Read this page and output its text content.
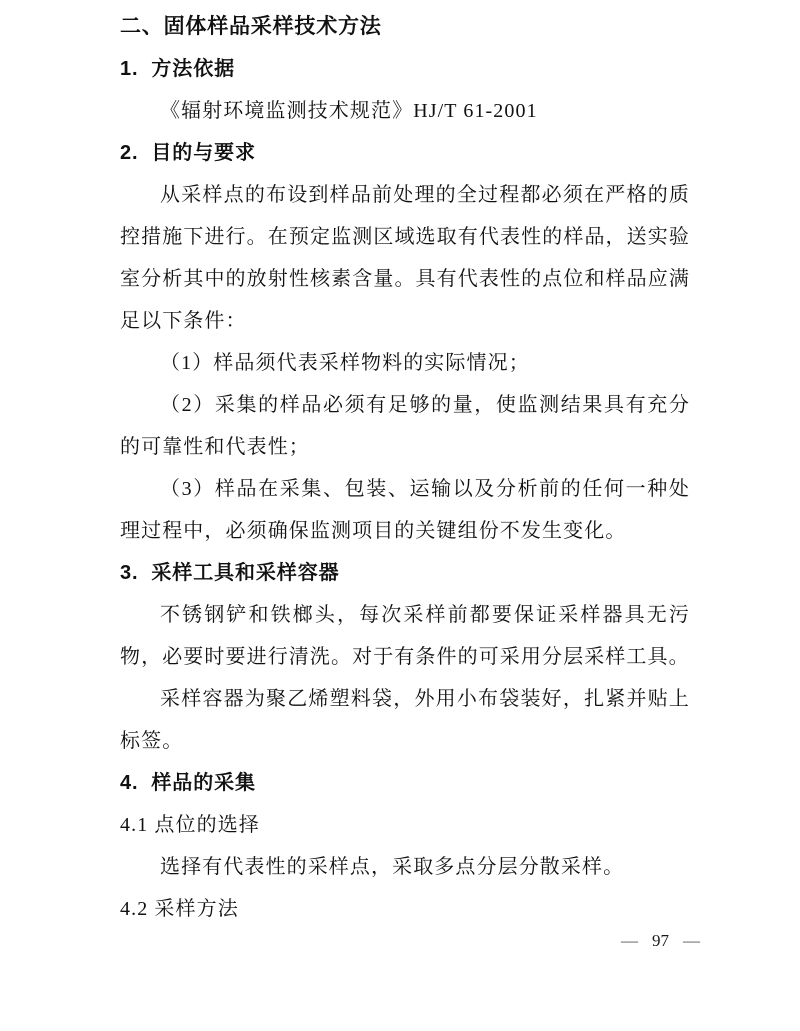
二、固体样品采样技术方法
1.  方法依据
《辐射环境监测技术规范》HJ/T 61-2001
2.  目的与要求
从采样点的布设到样品前处理的全过程都必须在严格的质控措施下进行。在预定监测区域选取有代表性的样品，送实验室分析其中的放射性核素含量。具有代表性的点位和样品应满足以下条件：
（1）样品须代表采样物料的实际情况；
（2）采集的样品必须有足够的量，使监测结果具有充分的可靠性和代表性；
（3）样品在采集、包装、运输以及分析前的任何一种处理过程中，必须确保监测项目的关键组份不发生变化。
3.  采样工具和采样容器
不锈钢铲和铁榔头，每次采样前都要保证采样器具无污物，必要时要进行清洗。对于有条件的可采用分层采样工具。
采样容器为聚乙烯塑料袋，外用小布袋装好，扎紧并贴上标签。
4.  样品的采集
4.1 点位的选择
选择有代表性的采样点，采取多点分层分散采样。
4.2 采样方法
— 97 —
